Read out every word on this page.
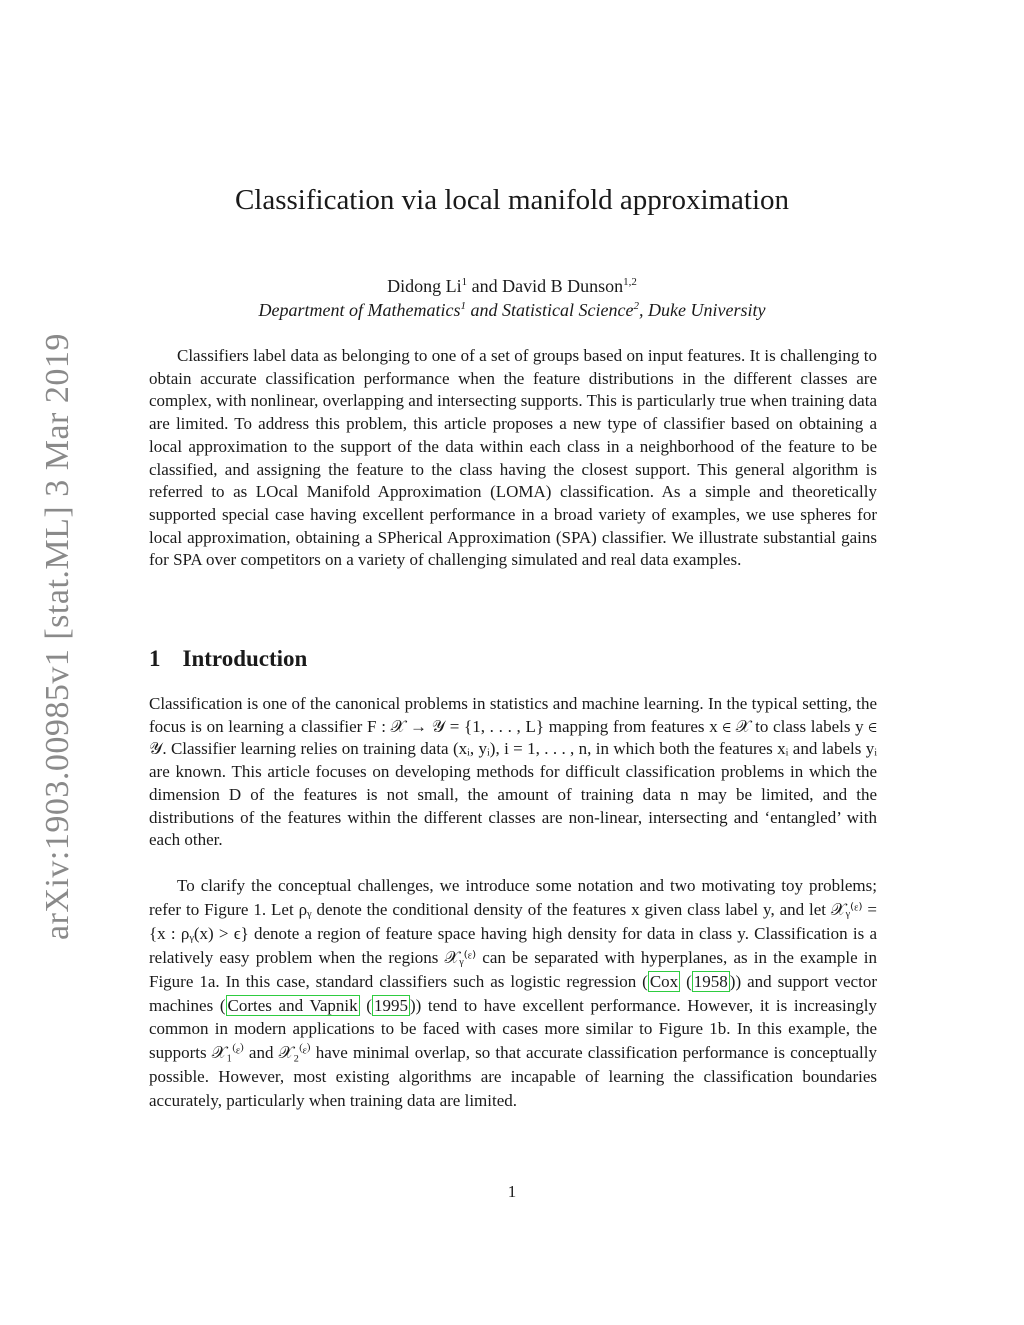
arXiv:1903.00985v1 [stat.ML] 3 Mar 2019
Classification via local manifold approximation
Didong Li$^1$ and David B Dunson$^{1,2}$
Department of Mathematics$^1$ and Statistical Science$^2$, Duke University

Classifiers label data as belonging to one of a set of groups based on input features. It is challenging to obtain accurate classification performance when the feature distributions in the different classes are complex, with nonlinear, overlapping and intersecting supports. This is particularly true when training data are limited. To address this problem, this article proposes a new type of classifier based on obtaining a local approximation to the support of the data within each class in a neighborhood of the feature to be classified, and assigning the feature to the class having the closest support. This general algorithm is referred to as LOcal Manifold Approximation (LOMA) classification. As a simple and theoretically supported special case having excellent performance in a broad variety of examples, we use spheres for local approximation, obtaining a SPherical Approximation (SPA) classifier. We illustrate substantial gains for SPA over competitors on a variety of challenging simulated and real data examples.

1 Introduction

Classification is one of the canonical problems in statistics and machine learning. In the typical setting, the focus is on learning a classifier F : 𝒳 → 𝒴 = {1, . . . , L} mapping from features x ∈ 𝒳 to class labels y ∈ 𝒴. Classifier learning relies on training data (xᵢ, yᵢ), i = 1, . . . , n, in which both the features xᵢ and labels yᵢ are known. This article focuses on developing methods for difficult classification problems in which the dimension D of the features is not small, the amount of training data n may be limited, and the distributions of the features within the different classes are non-linear, intersecting and ‘entangled’ with each other.

To clarify the conceptual challenges, we introduce some notation and two motivating toy problems; refer to Figure 1. Let ρᵧ denote the conditional density of the features x given class label y, and let 𝒳ᵧ⁽ᵋ⁾ = {x : ρᵧ(x) > ϵ} denote a region of feature space having high density for data in class y. Classification is a relatively easy problem when the regions 𝒳ᵧ⁽ᵋ⁾ can be separated with hyperplanes, as in the example in Figure 1a. In this case, standard classifiers such as logistic regression ( Cox ( 1958 )) and support vector machines ( Cortes and Vapnik ( 1995 )) tend to have excellent performance. However, it is increasingly common in modern applications to be faced with cases more similar to Figure 1b. In this example, the supports 𝒳₁⁽ᵋ⁾ and 𝒳₂⁽ᵋ⁾ have minimal overlap, so that accurate classification performance is conceptually possible. However, most existing algorithms are incapable of learning the classification boundaries accurately, particularly when training data are limited.

1
